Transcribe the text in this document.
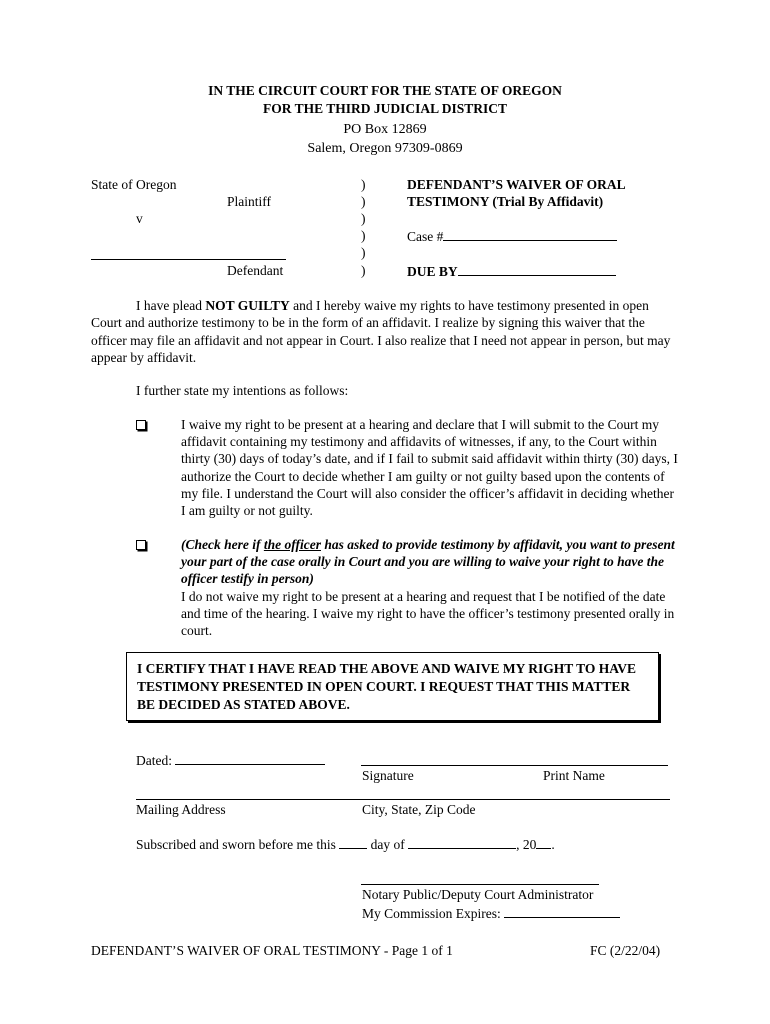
IN THE CIRCUIT COURT FOR THE STATE OF OREGON
FOR THE THIRD JUDICIAL DISTRICT
PO Box 12869
Salem, Oregon 97309-0869
State of Oregon
Plaintiff
v
Defendant
)
)
)
)
)
)
DEFENDANT’S WAIVER OF ORAL
TESTIMONY (Trial By Affidavit)
Case #
DUE BY
I have plead NOT GUILTY and I hereby waive my rights to have testimony presented in open Court and authorize testimony to be in the form of an affidavit. I realize by signing this waiver that the officer may file an affidavit and not appear in Court. I also realize that I need not appear in person, but may appear by affidavit.
I further state my intentions as follows:
I waive my right to be present at a hearing and declare that I will submit to the Court my affidavit containing my testimony and affidavits of witnesses, if any, to the Court within thirty (30) days of today’s date, and if I fail to submit said affidavit within thirty (30) days, I authorize the Court to decide whether I am guilty or not guilty based upon the contents of my file. I understand the Court will also consider the officer’s affidavit in deciding whether I am guilty or not guilty.
(Check here if the officer has asked to provide testimony by affidavit, you want to present your part of the case orally in Court and you are willing to waive your right to have the officer testify in person)
I do not waive my right to be present at a hearing and request that I be notified of the date and time of the hearing. I waive my right to have the officer’s testimony presented orally in court.
I CERTIFY THAT I HAVE READ THE ABOVE AND WAIVE MY RIGHT TO HAVE TESTIMONY PRESENTED IN OPEN COURT. I REQUEST THAT THIS MATTER BE DECIDED AS STATED ABOVE.
Dated:
Signature	Print Name
Mailing Address	City, State, Zip Code
Subscribed and sworn before me this	day of	, 20 .
Notary Public/Deputy Court Administrator
My Commission Expires:
DEFENDANT’S WAIVER OF ORAL TESTIMONY - Page 1 of 1	FC (2/22/04)
